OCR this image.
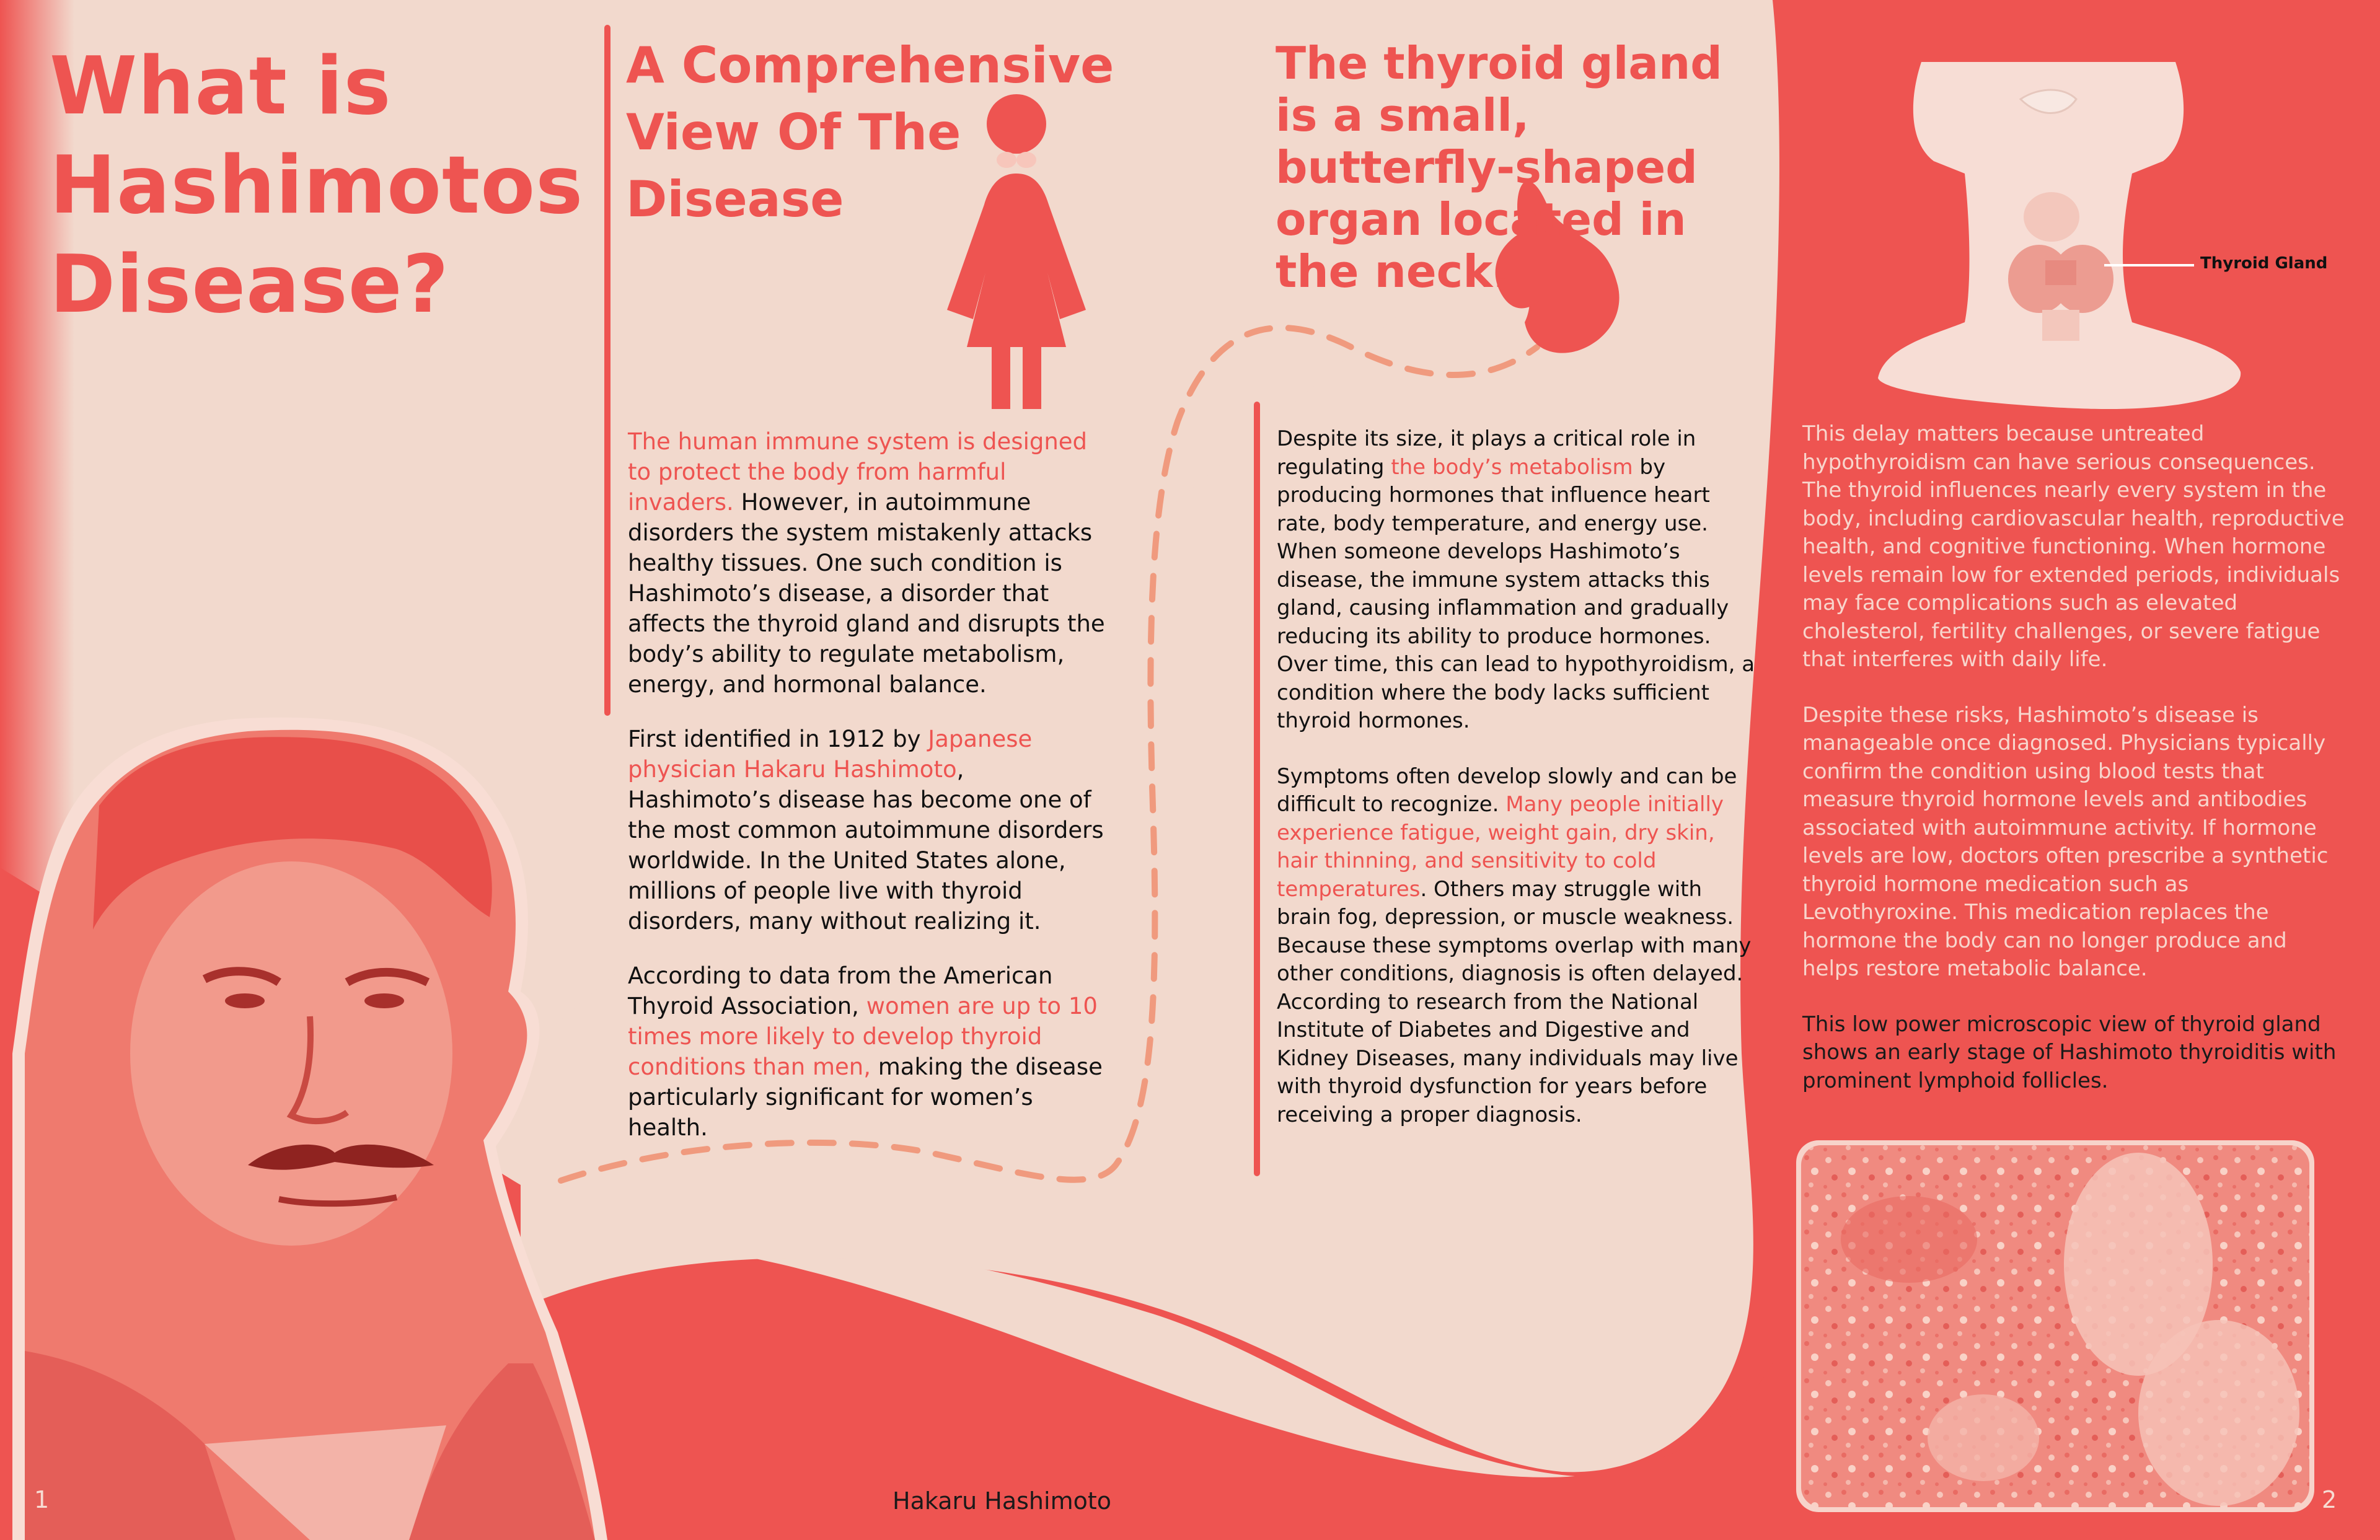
What is
Hashimotos
Disease?
A Comprehensive
View Of The
Disease

The human immune system is designed to protect the body from harmful invaders. However, in autoimmune disorders the system mistakenly attacks healthy tissues. One such condition is Hashimoto’s disease, a disorder that affects the thyroid gland and disrupts the body’s ability to regulate metabolism, energy, and hormonal balance.

First identified in 1912 by Japanese physician Hakaru Hashimoto, Hashimoto’s disease has become one of the most common autoimmune disorders worldwide. In the United States alone, millions of people live with thyroid disorders, many without realizing it.

According to data from the American Thyroid Association, women are up to 10 times more likely to develop thyroid conditions than men, making the disease particularly significant for women’s health.

The thyroid gland is a small, butterfly-shaped organ located in the neck.

Despite its size, it plays a critical role in regulating the body’s metabolism by producing hormones that influence heart rate, body temperature, and energy use. When someone develops Hashimoto’s disease, the immune system attacks this gland, causing inflammation and gradually reducing its ability to produce hormones. Over time, this can lead to hypothyroidism, a condition where the body lacks sufficient thyroid hormones.

Symptoms often develop slowly and can be difficult to recognize. Many people initially experience fatigue, weight gain, dry skin, hair thinning, and sensitivity to cold temperatures. Others may struggle with brain fog, depression, or muscle weakness. Because these symptoms overlap with many other conditions, diagnosis is often delayed. According to research from the National Institute of Diabetes and Digestive and Kidney Diseases, many individuals may live with thyroid dysfunction for years before receiving a proper diagnosis.

Thyroid Gland

This delay matters because untreated hypothyroidism can have serious consequences. The thyroid influences nearly every system in the body, including cardiovascular health, reproductive health, and cognitive functioning. When hormone levels remain low for extended periods, individuals may face complications such as elevated cholesterol, fertility challenges, or severe fatigue that interferes with daily life.

Despite these risks, Hashimoto’s disease is manageable once diagnosed. Physicians typically confirm the condition using blood tests that measure thyroid hormone levels and antibodies associated with autoimmune activity. If hormone levels are low, doctors often prescribe a synthetic thyroid hormone medication such as Levothyroxine. This medication replaces the hormone the body can no longer produce and helps restore metabolic balance.

This low power microscopic view of thyroid gland shows an early stage of Hashimoto thyroiditis with prominent lymphoid follicles.

1	2
Hakaru Hashimoto
